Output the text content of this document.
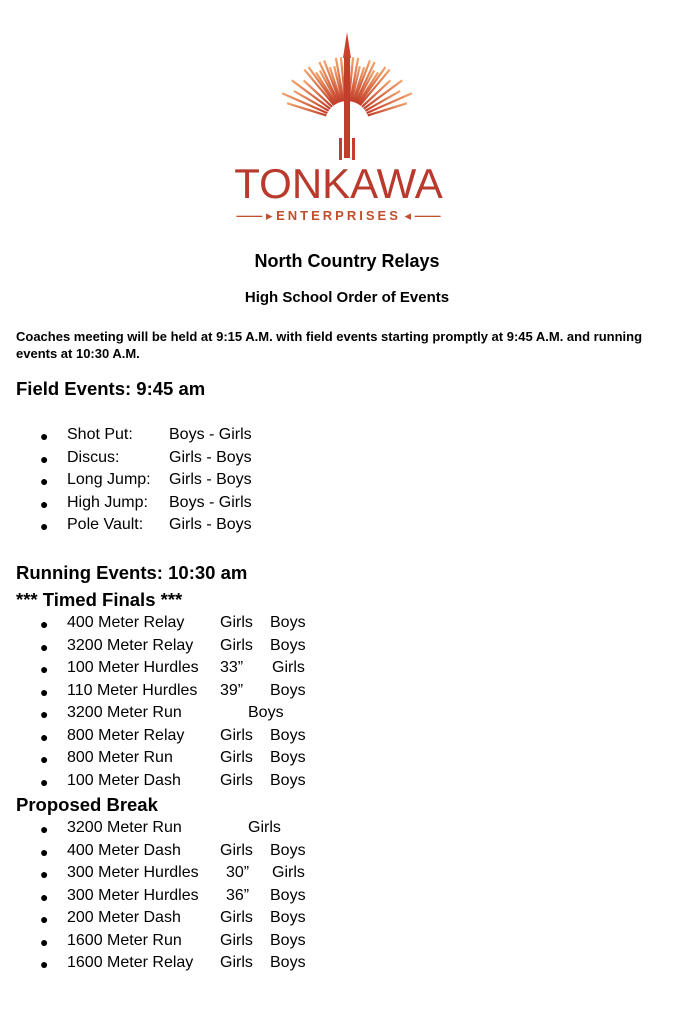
TONKAWA
—— ▸ ENTERPRISES ◂ ——
North Country Relays
High School Order of Events
Coaches meeting will be held at 9:15 A.M. with field events starting promptly at 9:45 A.M. and running events at 10:30 A.M.
Field Events: 9:45 am
● Shot Put: Boys - Girls
● Discus:	Girls - Boys
● Long Jump: Girls - Boys
● High Jump: Boys - Girls
● Pole Vault: Girls - Boys
Running Events: 10:30 am
*** Timed Finals ***
● 400 Meter Relay Girls Boys
● 3200 Meter Relay Girls Boys
● 100 Meter Hurdles 33” Girls
● 110 Meter Hurdles 39” Boys
● 3200 Meter Run	Boys
● 800 Meter Relay Girls Boys
● 800 Meter Run	Girls Boys
● 100 Meter Dash Girls Boys
Proposed Break
● 3200 Meter Run	Girls
● 400 Meter Dash Girls Boys
● 300 Meter Hurdles 30” Girls
● 300 Meter Hurdles 36” Boys
● 200 Meter Dash Girls Boys
● 1600 Meter Run Girls Boys
● 1600 Meter Relay Girls Boys
